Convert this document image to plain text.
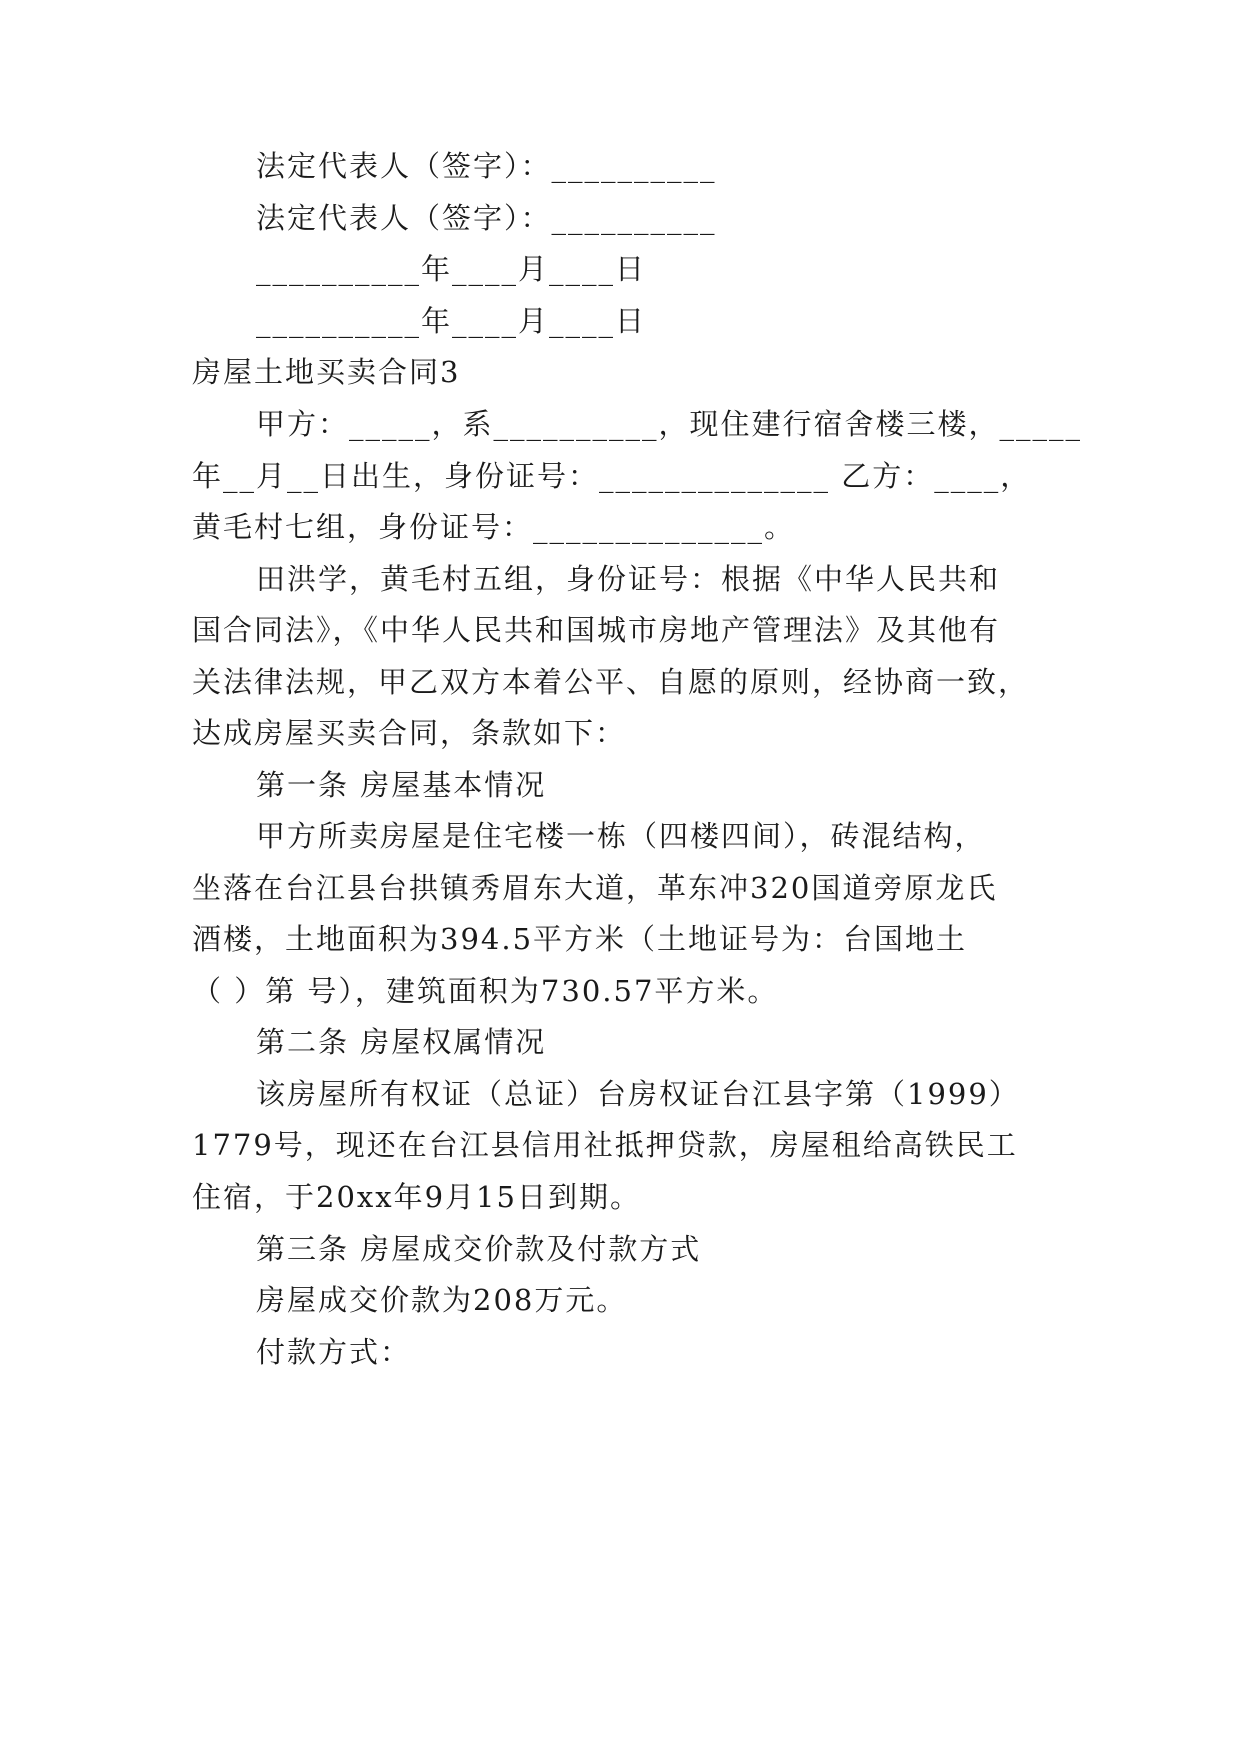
法定代表人（签字）：__________
法定代表人（签字）：__________
__________年____月____日
__________年____月____日
房屋土地买卖合同3
甲方：_____，系__________，现住建行宿舍楼三楼，_____
年__月__日出生，身份证号：______________ 乙方：____，
黄毛村七组，身份证号：______________。
田洪学，黄毛村五组，身份证号：根据《中华人民共和
国合同法》，《中华人民共和国城市房地产管理法》及其他有
关法律法规，甲乙双方本着公平、自愿的原则，经协商一致，
达成房屋买卖合同，条款如下：
第一条 房屋基本情况
甲方所卖房屋是住宅楼一栋（四楼四间），砖混结构，
坐落在台江县台拱镇秀眉东大道，革东冲320国道旁原龙氏
酒楼，土地面积为394.5平方米（土地证号为：台国地土
（ ）第 号），建筑面积为730.57平方米。
第二条 房屋权属情况
该房屋所有权证（总证）台房权证台江县字第（1999）
1779号，现还在台江县信用社抵押贷款，房屋租给高铁民工
住宿，于20xx年9月15日到期。
第三条 房屋成交价款及付款方式
房屋成交价款为208万元。
付款方式：
